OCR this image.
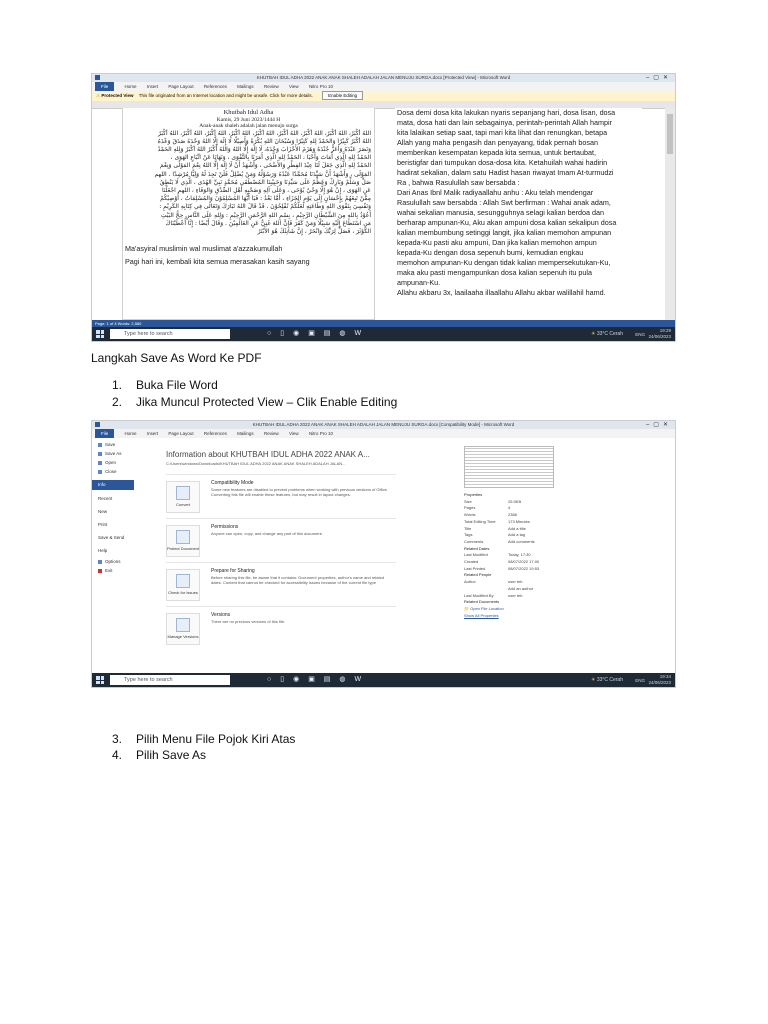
KHUTBAH IDUL ADHA 2022 ANAK ANAK SHALEH ADALAH JALAN MENUJU SURGA.docx [Protected View] - Microsoft Word	–▢✕
File	Home Insert Page Layout References Mailings Review View Nitro Pro 10
⚠ Protected View This file originated from an Internet location and might be unsafe. Click for more details.	Enable Editing
Khutbah Idul Adha
Kamis, 29 Juni 2023/1444 H
Anak-anak shaleh adalah jalan menuju surga
اللهُ أكْبَرُ، اللهُ أكْبَرُ، اللهُ أكْبَرُ، اللهُ أكْبَرُ، اللهُ أكْبَرُ، اللهُ أكْبَرُ، اللهُ أكْبَرُ، اللهُ أكْبَرُ، اللهُ أكْبَرُ
اللهُ أكْبَرُ كَبِيْرًا وَالحَمْدُ لِلهِ كَثِيْرًا وَسُبْحَانَ اللهِ بُكْرَةً وَأَصِيْلًا لَا إِلَهَ إِلَّا اللهُ وَحْدَهُ صَدَقَ وَعْدَهُ
وَنَصَرَ عَبْدَهُ وَأَعَزَّ جُنْدَهُ وَهَزَمَ الأَحْزَابَ وَحْدَهُ، لَا إِلَهَ إِلَّا اللهُ وَاللهُ أَكْبَرُ اللهُ أكْبَرُ وَلِلهِ الحَمْدُ
الحَمْدُ لِلهِ الَّذِي أَمَاتَ وَأَحْيَا ، الحَمْدُ لِلهِ الَّذِي أَمَرَنَا بِالتَّقْوَى ، وَنَهَانَا عَنْ اتِّبَاعِ الهَوَى ،
الحَمْدُ لِلهِ الَّذِي جَعَلَ لَنَا عِيْدَ الفِطْرِ وَالأَضْحَى ، وَأَشْهَدُ أَنْ لَا إِلَهَ إِلَّا اللهُ نِعْمَ المَوْلَى وَنِعْمَ
المَوْلَى ، وَأَشْهَدُ أَنَّ سَيِّدَنَا مُحَمَّدًا عَبْدُهُ وَرَسُوْلُهُ وَمَنْ يُضْلِلْ فَلَنْ تَجِدَ لَهُ وَلِيًّا مُرْشِدًا . اللهم
صَلِّ وَسَلِّمْ وَبَارِكْ وَعَظِّمْ عَلَى سَيِّدِنَا وَحَبِيْبِنَا المُصْطَفَى مُحَمَّدٍ نَبِيِّ الهُدَى ، الَّذِي لَا يَنْطِقُ
عَنِ الهَوَى ، إِنْ هُوَ إِلَّا وَحْيٌ يُوْحَى ، وَعَلَى آلِهِ وَصَحْبِهِ أَهْلِ الصِّدْقِ وَالوَفَاءِ ، اللهم اجْعَلْنَا
مِمَّنْ تَبِعَهُمْ بِإِحْسَانٍ إِلَى يَوْمِ الجَزَاءِ ، أَمَّا بَعْدُ : فَيَا أَيُّهَا المُسْلِمُوْنَ وَالمُسْلِمَاتُ ، أُوْصِيْكُمْ
وَنَفْسِيَ بِتَقْوَى اللهِ وَطَاعَتِهِ لَعَلَّكُمْ تُفْلِحُوْنَ . قَدْ قَالَ اللهُ تَبَارَكَ وَتَعَالَى فِي كِتَابِهِ الكَرِيْمِ :
أَعُوْذُ بِاللهِ مِنَ الشَّيْطَانِ الرَّجِيْمِ ، بِسْمِ اللهِ الرَّحْمَنِ الرَّحِيْمِ : وَلِلهِ عَلَى النَّاسِ حِجُّ البَيْتِ
مَنِ اسْتَطَاعَ إِلَيْهِ سَبِيْلًا وَمَنْ كَفَرَ فَإِنَّ اللهَ غَنِيٌّ عَنِ العَالَمِيْنَ . وَقَالَ أَيْضًا : إِنَّا أَعْطَيْنَاكَ
الكَوْثَرَ ، فَصَلِّ لِرَبِّكَ وَانْحَرْ ، إِنَّ شَانِئَكَ هُوَ الأَبْتَرُ
Ma'asyiral muslimin wal muslimat a'azzakumullah
Pagi hari ini, kembali kita semua merasakan kasih sayang
Dosa demi dosa kita lakukan nyaris sepanjang hari, dosa lisan, dosa
mata, dosa hati dan lain sebagainya, perintah-perintah Allah hampir
kita lalaikan setiap saat, tapi mari kita lihat dan renungkan, betapa
Allah yang maha pengasih dan penyayang, tidak pernah bosan
memberikan kesempatan kepada kita semua, untuk bertaubat,
beristigfar dari tumpukan dosa-dosa kita. Ketahuilah wahai hadirin
hadirat sekalian, dalam satu Hadist hasan riwayat Imam At-turmudzi
Ra , bahwa Rasulullah saw bersabda :
Dari Anas Ibnl Malik radiyaallahu anhu : Aku telah mendengar
Rasulullah saw bersabda : Allah Swt berfirman : Wahai anak adam,
wahai sekalian manusia, sesungguhnya selagi kalian berdoa dan
berharap ampunan-Ku, Aku akan ampuni dosa kalian sekalipun dosa
kalian membumbung setinggi langit, jika kalian memohon ampunan
kepada-Ku pasti aku ampuni, Dan jika kalian memohon ampun
kepada-Ku dengan dosa sepenuh bumi, kemudian engkau
memohon ampunan-Ku dengan tidak kalian mempersekutukan-Ku,
maka aku pasti mengampunkan dosa kalian sepenuh itu pula
ampunan-Ku.
Allahu akbaru 3x, laailaaha illaallahu Allahu akbar walillahil hamd.
Page: 1 of 4 Words: 2,580
Type here to search	○▯◉▣▤◍W	☀ 33°C Cerah	ENG
19:29
24/06/2023
Langkah Save As Word Ke PDF
1. Buka File Word
2. Jika Muncul Protected View – Clik Enable Editing
KHUTBAH IDUL ADHA 2022 ANAK ANAK SHALEH ADALAH JALAN MENUJU SURGA.docx [Compatibility Mode] - Microsoft Word	–▢✕
File	Home Insert Page Layout References Mailings Review View Nitro Pro 10
Save
Save As
Open
Close
Info
Recent
New
Print
Save & Send
Help
Options
Exit
Information about KHUTBAH IDUL ADHA 2022 ANAK A...
C:\Users\windows\Downloads\KHUTBAH IDUL ADHA 2022 ANAK ANAK SHALEH ADALAH JALAN...
Convert
Compatibility Mode
Some new features are disabled to prevent problems when working with previous versions of Office. Converting this file will enable these features, but may result in layout changes.
Protect Document
Permissions
Anyone can open, copy, and change any part of this document.
Check for Issues
Prepare for Sharing
Before sharing this file, be aware that it contains: Document properties, author's name and related dates. Content that cannot be checked for accessibility issues because of the current file type
Manage Versions
Versions
There are no previous versions of this file.
Properties
Size	25.9KB
Pages	4
Words	2368
Total Editing Time	173 Minutes
Title	Add a title
Tags	Add a tag
Comments	Add comments
Related Dates
Last Modified	Today, 17:30
Created	08/07/2022 17:00
Last Printed	08/07/2022 19:53
Related People
Author	user teb
Add an author
Last Modified By	user teb
Related Documents
📁 Open File Location
Show All Properties
Type here to search	○▯◉▣▤◍W	☀ 33°C Cerah	ENG
19:34
24/06/2023
3. Pilih Menu File Pojok Kiri Atas
4. Pilih Save As
